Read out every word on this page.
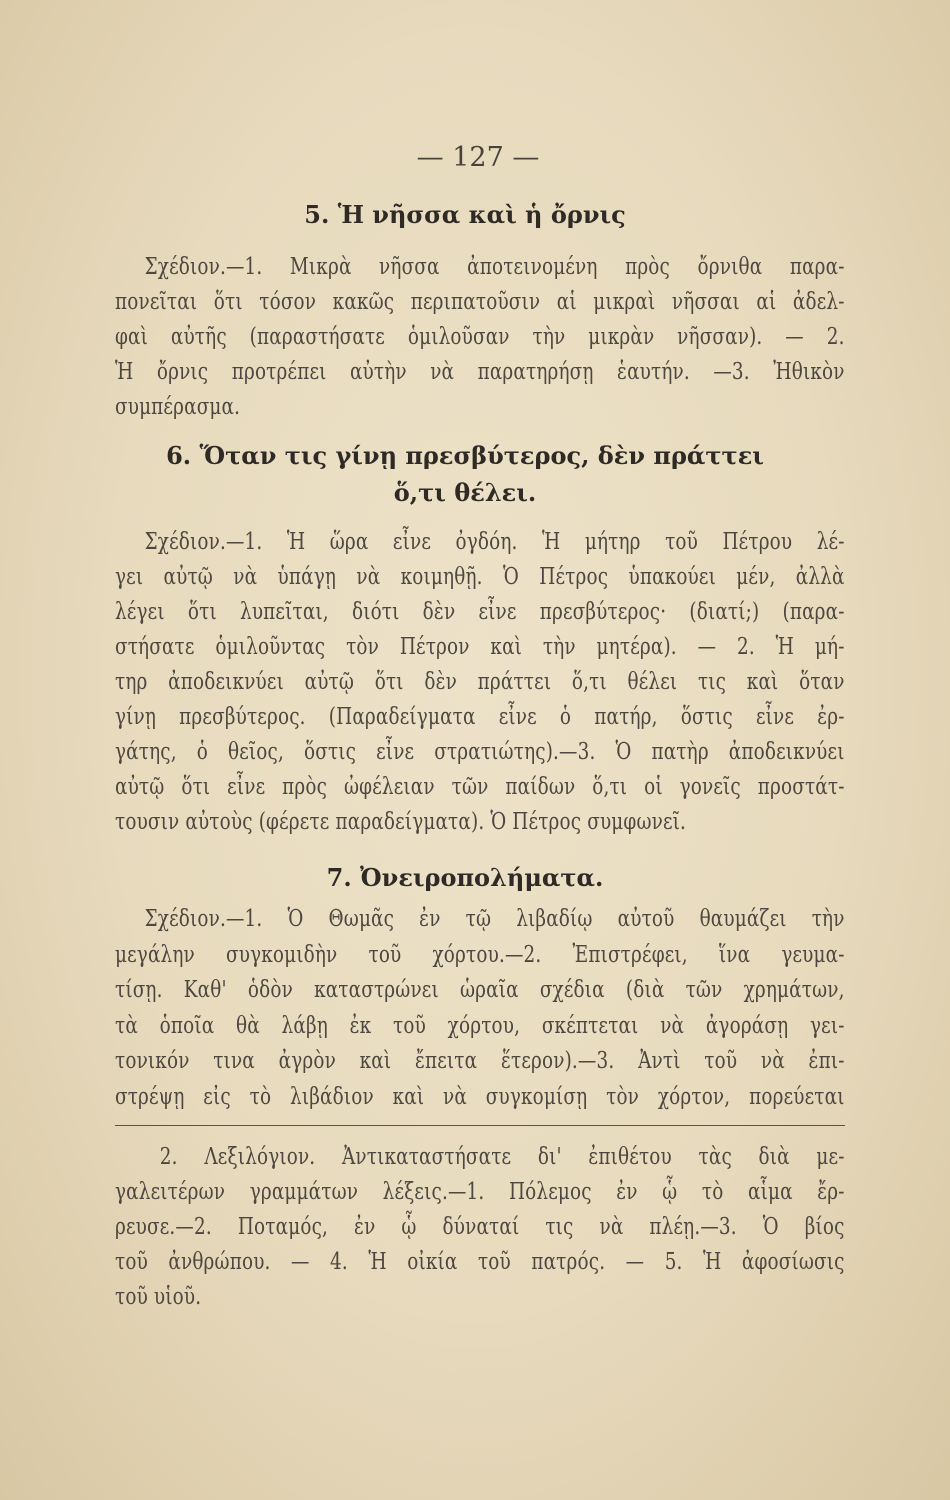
— 127 —
5. Ἡ νῆσσα καὶ ἡ ὄρνις
Σχέδιον.—1. Μικρὰ νῆσσα ἀποτεινομένη πρὸς ὄρνιθα παρα-
πονεῖται ὅτι τόσον κακῶς περιπατοῦσιν αἱ μικραὶ νῆσσαι αἱ ἀδελ-
φαὶ αὐτῆς (παραστήσατε ὁμιλοῦσαν τὴν μικρὰν νῆσσαν). — 2.
Ἡ ὄρνις προτρέπει αὐτὴν νὰ παρατηρήσῃ ἑαυτήν. —3. Ἠθικὸν
συμπέρασμα.
6. Ὅταν τις γίνῃ πρεσβύτερος, δὲν πράττει
ὅ,τι θέλει.
Σχέδιον.—1. Ἡ ὥρα εἶνε ὀγδόη. Ἡ μήτηρ τοῦ Πέτρου λέ-
γει αὐτῷ νὰ ὑπάγῃ νὰ κοιμηθῇ. Ὁ Πέτρος ὑπακούει μέν, ἀλλὰ
λέγει ὅτι λυπεῖται, διότι δὲν εἶνε πρεσβύτερος· (διατί;) (παρα-
στήσατε ὁμιλοῦντας τὸν Πέτρον καὶ τὴν μητέρα). — 2. Ἡ μή-
τηρ ἀποδεικνύει αὐτῷ ὅτι δὲν πράττει ὅ,τι θέλει τις καὶ ὅταν
γίνῃ πρεσβύτερος. (Παραδείγματα εἶνε ὁ πατήρ, ὅστις εἶνε ἐρ-
γάτης, ὁ θεῖος, ὅστις εἶνε στρατιώτης).—3. Ὁ πατὴρ ἀποδεικνύει
αὐτῷ ὅτι εἶνε πρὸς ὠφέλειαν τῶν παίδων ὅ,τι οἱ γονεῖς προστάτ-
τουσιν αὐτοὺς (φέρετε παραδείγματα). Ὁ Πέτρος συμφωνεῖ.
7. Ὀνειροπολήματα.
Σχέδιον.—1. Ὁ Θωμᾶς ἐν τῷ λιβαδίῳ αὐτοῦ θαυμάζει τὴν
μεγάλην συγκομιδὴν τοῦ χόρτου.—2. Ἐπιστρέφει, ἵνα γευμα-
τίσῃ. Καθ' ὁδὸν καταστρώνει ὡραῖα σχέδια (διὰ τῶν χρημάτων,
τὰ ὁποῖα θὰ λάβῃ ἐκ τοῦ χόρτου, σκέπτεται νὰ ἀγοράσῃ γει-
τονικόν τινα ἀγρὸν καὶ ἔπειτα ἕτερον).—3. Ἀντὶ τοῦ νὰ ἐπι-
στρέψῃ εἰς τὸ λιβάδιον καὶ νὰ συγκομίσῃ τὸν χόρτον, πορεύεται
2. Λεξιλόγιον. Ἀντικαταστήσατε δι' ἐπιθέτου τὰς διὰ με-
γαλειτέρων γραμμάτων λέξεις.—1. Πόλεμος ἐν ᾧ τὸ αἷμα ἔρ-
ρευσε.—2. Ποταμός, ἐν ᾧ δύναταί τις νὰ πλέῃ.—3. Ὁ βίος
τοῦ ἀνθρώπου. — 4. Ἡ οἰκία τοῦ πατρός. — 5. Ἡ ἀφοσίωσις
τοῦ υἱοῦ.
